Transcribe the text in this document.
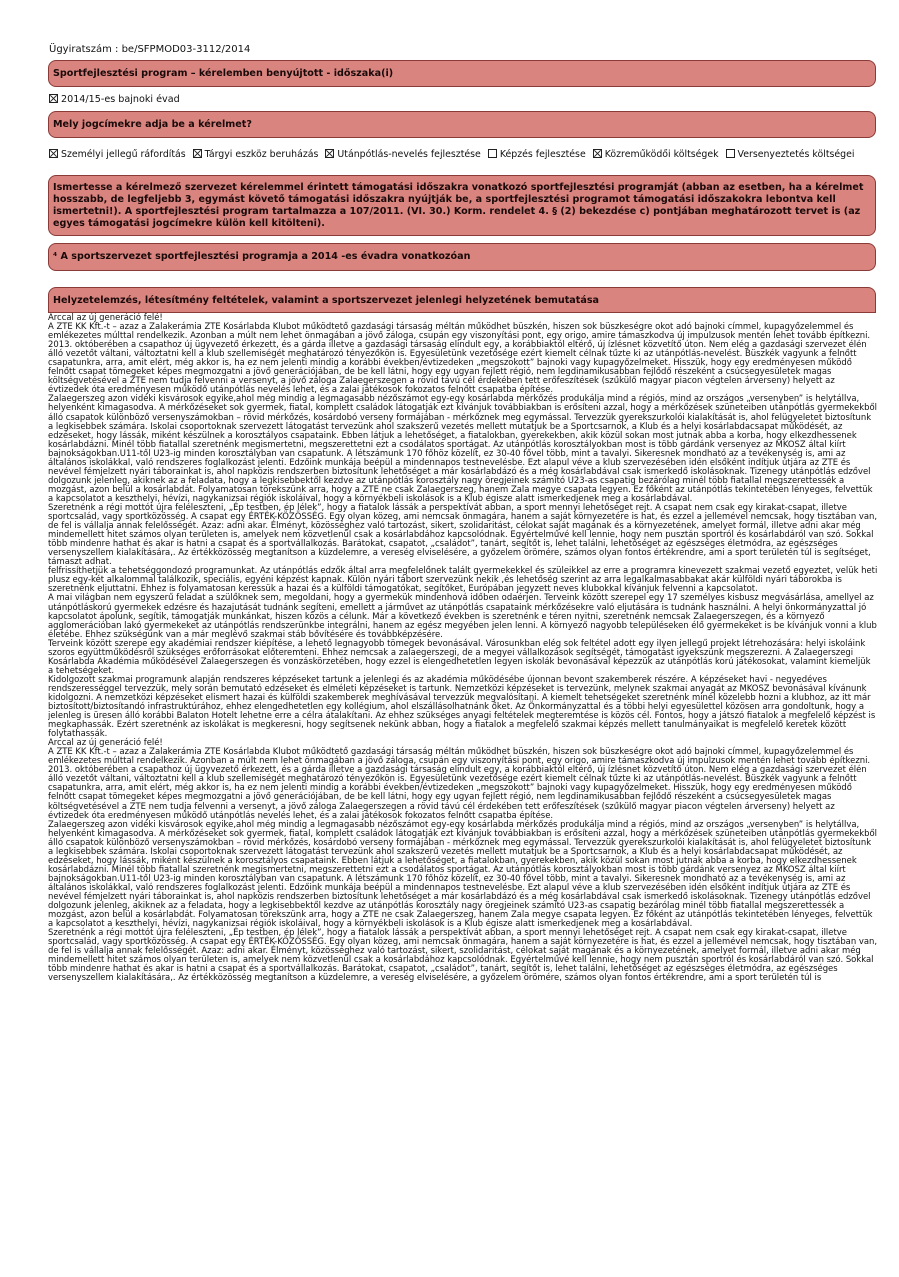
Ügyiratszám : be/SFPMOD03-3112/2014
Sportfejlesztési program – kérelemben benyújtott - időszaka(i)
2014/15-es bajnoki évad
Mely jogcímekre adja be a kérelmet?
Személyi jellegű ráfordítás Tárgyi eszköz beruházás Utánpótlás-nevelés fejlesztése Képzés fejlesztése Közreműködői költségek Versenyeztetés költségei
Ismertesse a kérelmező szervezet kérelemmel érintett támogatási időszakra vonatkozó sportfejlesztési programját (abban az esetben, ha a kérelmet hosszabb, de legfeljebb 3, egymást követő támogatási időszakra nyújtják be, a sportfejlesztési programot támogatási időszakokra lebontva kell ismertetni!). A sportfejlesztési program tartalmazza a 107/2011. (VI. 30.) Korm. rendelet 4. § (2) bekezdése c) pontjában meghatározott tervet is (az egyes támogatási jogcímekre külön kell kitölteni).
⁴ A sportszervezet sportfejlesztési programja a 2014 -es évadra vonatkozóan
Helyzetelemzés, létesítmény feltételek, valamint a sportszervezet jelenlegi helyzetének bemutatása

Arccal az új generáció felé!

A ZTE KK Kft.-t – azaz a Zalakerámia ZTE Kosárlabda Klubot működtető gazdasági társaság méltán működhet büszkén, hiszen sok büszkeségre okot adó bajnoki címmel, kupagyőzelemmel és emlékezetes múlttal rendelkezik. Azonban a múlt nem lehet önmagában a jövő záloga, csupán egy viszonyítási pont, egy origo, amire támaszkodva új impulzusok mentén lehet tovább építkezni. 2013. októberében a csapathoz új ügyvezető érkezett, és a gárda illetve a gazdasági társaság elindult egy, a korábbiaktól eltérő, új ízlésnet közvetítő úton. Nem elég a gazdasági szervezet élén álló vezetőt váltani, változtatni kell a klub szellemiségét meghatározó tényezőkön is. Egyesületünk vezetősége ezért kiemelt célnak tűzte ki az utánpótlás-nevelést. Büszkék vagyunk a felnőtt csapatunkra, arra, amit elért, még akkor is, ha ez nem jelenti mindig a korábbi években/évtizedeken „megszokott” bajnoki vagy kupagyőzelmeket. Hisszük, hogy egy eredményesen működő felnőtt csapat tömegeket képes megmozgatni a jövő generációjában, de be kell látni, hogy egy ugyan fejlett régió, nem legdinamikusabban fejlődő részeként a csúcsegyesületek magas költségvetésével a ZTE nem tudja felvenni a versenyt, a jövő záloga Zalaegerszegen a rövid távú cél érdekében tett erőfeszítések (szűkülő magyar piacon végtelen árverseny) helyett az évtizedek óta eredményesen működő utánpótlás nevelés lehet, és a zalai játékosok fokozatos felnőtt csapatba építése.

Zalaegerszeg azon vidéki kisvárosok egyike,ahol még mindig a legmagasabb nézőszámot egy-egy kosárlabda mérkőzés produkálja mind a régiós, mind az országos „versenyben” is helytállva, helyenként kimagasodva. A mérkőzéseket sok gyermek, fiatal, komplett családok látogatják ezt kívánjuk továbbiakban is erősíteni azzal, hogy a mérkőzések szüneteiben utánpótlás gyermekekből álló csapatok különböző versenyszámokban – rövid mérkőzés, kosárdobó verseny formájában - mérkőznek meg egymással. Tervezzük gyerekszurkolói kialakítását is, ahol felügyeletet biztosítunk a legkisebbek számára. Iskolai csoportoknak szervezett látogatást tervezünk ahol szakszerű vezetés mellett mutatjuk be a Sportcsarnok, a Klub és a helyi kosárlabdacsapat működését, az edzéseket, hogy lássák, miként készülnek a korosztályos csapataink. Ebben látjuk a lehetőséget, a fiatalokban, gyerekekben, akik közül sokan most jutnak abba a korba, hogy elkezdhessenek kosárlabdázni. Minél több fiatallal szeretnénk megismertetni, megszerettetni ezt a csodálatos sportágat. Az utánpótlás korosztályokban most is több gárdánk versenyez az MKOSZ által kiírt bajnokságokban.U11-től U23-ig minden korosztályban van csapatunk. A létszámunk 170 főhöz közelít, ez 30-40 fővel több, mint a tavalyi. Sikeresnek mondható az a tevékenység is, ami az általános iskolákkal, való rendszeres foglalkozást jelenti. Edzőink munkája beépül a mindennapos testnevelésbe. Ezt alapul véve a klub szervezésében idén elsőként indítjuk útjára az ZTE és nevével fémjelzett nyári táborainkat is, ahol napközis rendszerben biztosítunk lehetőséget a már kosárlabdázó és a még kosárlabdával csak ismerkedő iskolásoknak. Tizenegy utánpótlás edzővel dolgozunk jelenleg, akiknek az a feladata, hogy a legkisebbektől kezdve az utánpótlás korosztály nagy öregjeinek számító U23-as csapatig bezárólag minél több fiatallal megszerettessék a mozgást, azon belül a kosárlabdát. Folyamatosan törekszünk arra, hogy a ZTE ne csak Zalaegerszeg, hanem Zala megye csapata legyen. Ez főként az utánpótlás tekintetében lényeges, felvettük a kapcsolatot a keszthelyi, hévízi, nagykanizsai régiók iskoláival, hogy a környékbeli iskolások is a Klub égisze alatt ismerkedjenek meg a kosárlabdával.

Szeretnénk a régi mottót újra feléleszteni, „Ép testben, ép lélek”, hogy a fiatalok lássák a perspektívát abban, a sport mennyi lehetőséget rejt. A csapat nem csak egy kirakat-csapat, illetve sportcsalád, vagy sportközösség. A csapat egy ÉRTÉK-KÖZÖSSÉG. Egy olyan közeg, ami nemcsak önmagára, hanem a saját környezetére is hat, és ezzel a jellemével nemcsak, hogy tisztában van, de fel is vállalja annak felelősségét. Azaz: adni akar. Élményt, közösséghez való tartozást, sikert, szolidaritást, célokat saját magának és a környezetének, amelyet formál, illetve adni akar még mindemellett hitet számos olyan területen is, amelyek nem közvetlenül csak a kosárlabdához kapcsolódnak. Egyértelművé kell lennie, hogy nem pusztán sportról és kosárlabdáról van szó. Sokkal több mindenre hathat és akar is hatni a csapat és a sportvállalkozás. Barátokat, csapatot, „családot”, tanárt, segítőt is, lehet találni, lehetőséget az egészséges életmódra, az egészséges versenyszellem kialakítására,. Az értékközösség megtanítson a küzdelemre, a vereség elviselésére, a győzelem örömére, számos olyan fontos értékrendre, ami a sport területén túl is segítséget, támaszt adhat.

felfrissíthetjük a tehetséggondozó programunkat. Az utánpótlás edzők által arra megfelelőnek talált gyermekekkel és szüleikkel az erre a programra kinevezett szakmai vezető egyeztet, velük heti plusz egy-két alkalommal találkozik, speciális, egyéni képzést kapnak. Külön nyári tábort szervezünk nekik ,és lehetőség szerint az arra legalkalmasabbakat akár külföldi nyári táborokba is szeretnénk eljuttatni. Ehhez is folyamatosan keressük a hazai és a külföldi támogatókat, segítőket, Európában jegyzett neves klubokkal kívánjuk felvenni a kapcsolatot.

A mai világban nem egyszerű feladat a szülőknek sem, megoldani, hogy a gyermekük mindenhová időben odaérjen. Terveink között szerepel egy 17 személyes kisbusz megvásárlása, amellyel az utánpótláskorú gyermekek edzésre és hazajutását tudnánk segíteni, emellett a járművet az utánpótlás csapataink mérkőzésekre való eljutására is tudnánk használni. A helyi önkormányzattal jó kapcsolatot ápolunk, segítik, támogatják munkánkat, hiszen közös a célunk. Már a következő években is szeretnénk e téren nyitni, szeretnénk nemcsak Zalaegerszegen, és a környező agglomerációban lakó gyermekeket az utánpótlás rendszerünkbe integrálni, hanem az egész megyében jelen lenni. A környező nagyobb településeken élő gyermekeket is be kívánjuk vonni a klub életébe. Ehhez szükségünk van a már meglévő szakmai stáb bővítésére és továbbképzésére.

Terveink között szerepe egy akadémiai rendszer kiépítése, a lehető legnagyobb tömegek bevonásával. Városunkban elég sok feltétel adott egy ilyen jellegű projekt létrehozására: helyi iskoláink szoros együttműködésről szükséges erőforrásokat előteremteni. Ehhez nemcsak a zalaegerszegi, de a megyei vállalkozások segítségét, támogatást igyekszünk megszerezni. A Zalaegerszegi Kosárlabda Akadémia működésével Zalaegerszegen és vonzáskörzetében, hogy ezzel is elengedhetetlen legyen iskolák bevonásával képezzük az utánpótlás korú játékosokat, valamint kiemeljük a tehetségeket.

Kidolgozott szakmai programunk alapján rendszeres képzéseket tartunk a jelenlegi és az akadémia működésébe újonnan bevont szakemberek részére. A képzéseket havi - negyedéves rendszerességgel tervezzük, mely során bemutató edzéseket és elméleti képzéseket is tartunk. Nemzetközi képzéseket is tervezünk, melynek szakmai anyagát az MKOSZ bevonásával kívánunk kidolgozni. A nemzetközi képzéseket elismert hazai és külföldi szakemberek meghívásával tervezzük megvalósítani. A kiemelt tehetségeket szeretnénk minél közelebb hozni a klubhoz, az itt már biztosított/biztosítandó infrastruktúrához, ehhez elengedhetetlen egy kollégium, ahol elszállásolhatnánk őket. Az Önkormányzattal és a többi helyi egyesülettel közösen arra gondoltunk, hogy a jelenleg is üresen álló korábbi Balaton Hotelt lehetne erre a célra átalakítani. Az ehhez szükséges anyagi feltételek megteremtése is közös cél. Fontos, hogy a játszó fiatalok a megfelelő képzést is megkaphassák. Ezért szeretnénk az iskolákat is megkeresni, hogy segítsenek nekünk abban, hogy a fiatalok a megfelelő szakmai képzés mellett tanulmányaikat is megfelelő keretek között folytathassák.

Arccal az új generáció felé!

A ZTE KK Kft.-t – azaz a Zalakerámia ZTE Kosárlabda Klubot működtető gazdasági társaság méltán működhet büszkén, hiszen sok büszkeségre okot adó bajnoki címmel, kupagyőzelemmel és emlékezetes múlttal rendelkezik. Azonban a múlt nem lehet önmagában a jövő záloga, csupán egy viszonyítási pont, egy origo, amire támaszkodva új impulzusok mentén lehet tovább építkezni. 2013. októberében a csapathoz új ügyvezető érkezett, és a gárda illetve a gazdasági társaság elindult egy, a korábbiaktól eltérő, új ízlésnet közvetítő úton. Nem elég a gazdasági szervezet élén álló vezetőt váltani, változtatni kell a klub szellemiségét meghatározó tényezőkön is. Egyesületünk vezetősége ezért kiemelt célnak tűzte ki az utánpótlás-nevelést. Büszkék vagyunk a felnőtt csapatunkra, arra, amit elért, még akkor is, ha ez nem jelenti mindig a korábbi években/évtizedeken „megszokott” bajnoki vagy kupagyőzelmeket. Hisszük, hogy egy eredményesen működő felnőtt csapat tömegeket képes megmozgatni a jövő generációjában, de be kell látni, hogy egy ugyan fejlett régió, nem legdinamikusabban fejlődő részeként a csúcsegyesületek magas költségvetésével a ZTE nem tudja felvenni a versenyt, a jövő záloga Zalaegerszegen a rövid távú cél érdekében tett erőfeszítések (szűkülő magyar piacon végtelen árverseny) helyett az évtizedek óta eredményesen működő utánpótlás nevelés lehet, és a zalai játékosok fokozatos felnőtt csapatba építése.

Zalaegerszeg azon vidéki kisvárosok egyike,ahol még mindig a legmagasabb nézőszámot egy-egy kosárlabda mérkőzés produkálja mind a régiós, mind az országos „versenyben” is helytállva, helyenként kimagasodva. A mérkőzéseket sok gyermek, fiatal, komplett családok látogatják ezt kívánjuk továbbiakban is erősíteni azzal, hogy a mérkőzések szüneteiben utánpótlás gyermekekből álló csapatok különböző versenyszámokban – rövid mérkőzés, kosárdobó verseny formájában - mérkőznek meg egymással. Tervezzük gyerekszurkolói kialakítását is, ahol felügyeletet biztosítunk a legkisebbek számára. Iskolai csoportoknak szervezett látogatást tervezünk ahol szakszerű vezetés mellett mutatjuk be a Sportcsarnok, a Klub és a helyi kosárlabdacsapat működését, az edzéseket, hogy lássák, miként készülnek a korosztályos csapataink. Ebben látjuk a lehetőséget, a fiatalokban, gyerekekben, akik közül sokan most jutnak abba a korba, hogy elkezdhessenek kosárlabdázni. Minél több fiatallal szeretnénk megismertetni, megszerettetni ezt a csodálatos sportágat. Az utánpótlás korosztályokban most is több gárdánk versenyez az MKOSZ által kiírt bajnokságokban.U11-től U23-ig minden korosztályban van csapatunk. A létszámunk 170 főhöz közelít, ez 30-40 fővel több, mint a tavalyi. Sikeresnek mondható az a tevékenység is, ami az általános iskolákkal, való rendszeres foglalkozást jelenti. Edzőink munkája beépül a mindennapos testnevelésbe. Ezt alapul véve a klub szervezésében idén elsőként indítjuk útjára az ZTE és nevével fémjelzett nyári táborainkat is, ahol napközis rendszerben biztosítunk lehetőséget a már kosárlabdázó és a még kosárlabdával csak ismerkedő iskolásoknak. Tizenegy utánpótlás edzővel dolgozunk jelenleg, akiknek az a feladata, hogy a legkisebbektől kezdve az utánpótlás korosztály nagy öregjeinek számító U23-as csapatig bezárólag minél több fiatallal megszerettessék a mozgást, azon belül a kosárlabdát. Folyamatosan törekszünk arra, hogy a ZTE ne csak Zalaegerszeg, hanem Zala megye csapata legyen. Ez főként az utánpótlás tekintetében lényeges, felvettük a kapcsolatot a keszthelyi, hévízi, nagykanizsai régiók iskoláival, hogy a környékbeli iskolások is a Klub égisze alatt ismerkedjenek meg a kosárlabdával.

Szeretnénk a régi mottót újra feléleszteni, „Ép testben, ép lélek”, hogy a fiatalok lássák a perspektívát abban, a sport mennyi lehetőséget rejt. A csapat nem csak egy kirakat-csapat, illetve sportcsalád, vagy sportközösség. A csapat egy ÉRTÉK-KÖZÖSSÉG. Egy olyan közeg, ami nemcsak önmagára, hanem a saját környezetére is hat, és ezzel a jellemével nemcsak, hogy tisztában van, de fel is vállalja annak felelősségét. Azaz: adni akar. Élményt, közösséghez való tartozást, sikert, szolidaritást, célokat saját magának és a környezetének, amelyet formál, illetve adni akar még mindemellett hitet számos olyan területen is, amelyek nem közvetlenül csak a kosárlabdához kapcsolódnak. Egyértelművé kell lennie, hogy nem pusztán sportról és kosárlabdáról van szó. Sokkal több mindenre hathat és akar is hatni a csapat és a sportvállalkozás. Barátokat, csapatot, „családot”, tanárt, segítőt is, lehet találni, lehetőséget az egészséges életmódra, az egészséges versenyszellem kialakítására,. Az értékközösség megtanítson a küzdelemre, a vereség elviselésére, a győzelem örömére, számos olyan fontos értékrendre, ami a sport területén túl is
